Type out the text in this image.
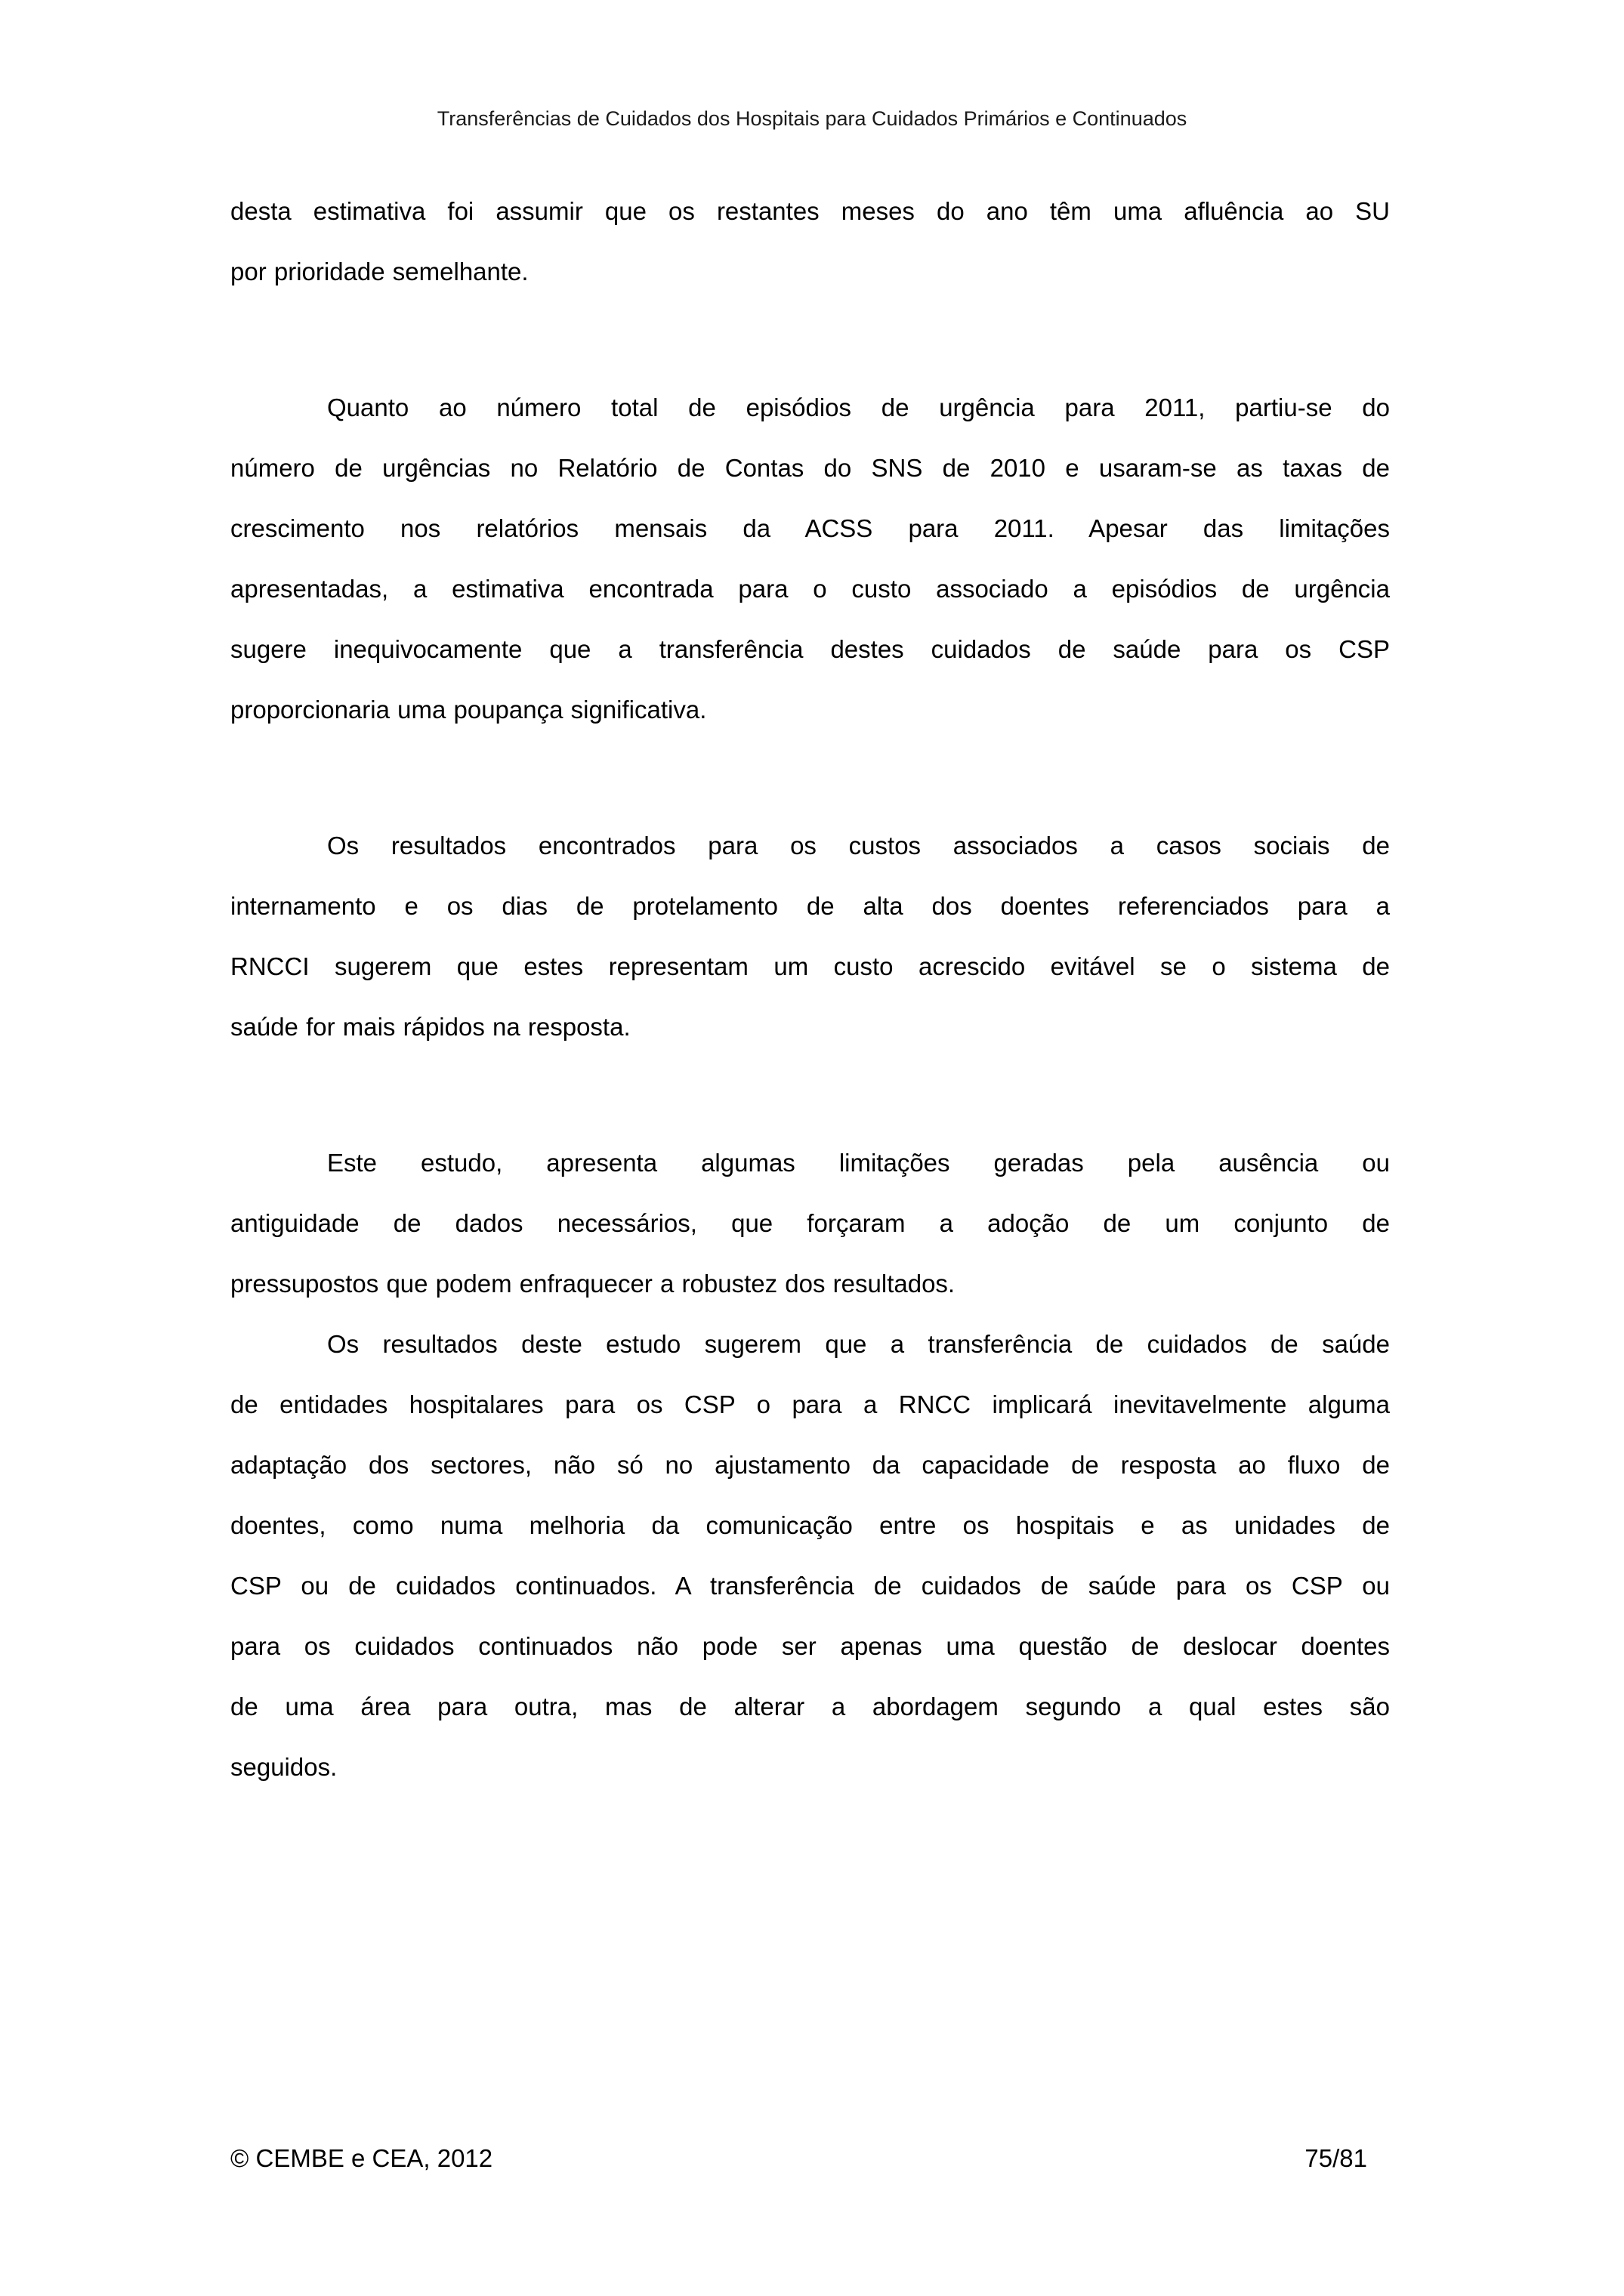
Transferências de Cuidados dos Hospitais para Cuidados Primários e Continuados
desta estimativa foi assumir que os restantes meses do ano têm uma afluência ao SU
por prioridade semelhante.
Quanto ao número total de episódios de urgência para 2011, partiu-se do
número de urgências no Relatório de Contas do SNS de 2010 e usaram-se as taxas de
crescimento nos relatórios mensais da ACSS para 2011. Apesar das limitações
apresentadas, a estimativa encontrada para o custo associado a episódios de urgência
sugere inequivocamente que a transferência destes cuidados de saúde para os CSP
proporcionaria uma poupança significativa.
Os resultados encontrados para os custos associados a casos sociais de
internamento e os dias de protelamento de alta dos doentes referenciados para a
RNCCI sugerem que estes representam um custo acrescido evitável se o sistema de
saúde for mais rápidos na resposta.
Este estudo, apresenta algumas limitações geradas pela ausência ou
antiguidade de dados necessários, que forçaram a adoção de um conjunto de
pressupostos que podem enfraquecer a robustez dos resultados.
Os resultados deste estudo sugerem que a transferência de cuidados de saúde
de entidades hospitalares para os CSP o para a RNCC implicará inevitavelmente alguma
adaptação dos sectores, não só no ajustamento da capacidade de resposta ao fluxo de
doentes, como numa melhoria da comunicação entre os hospitais e as unidades de
CSP ou de cuidados continuados. A transferência de cuidados de saúde para os CSP ou
para os cuidados continuados não pode ser apenas uma questão de deslocar doentes
de uma área para outra, mas de alterar a abordagem segundo a qual estes são
seguidos.
© CEMBE e CEA, 2012	75/81
